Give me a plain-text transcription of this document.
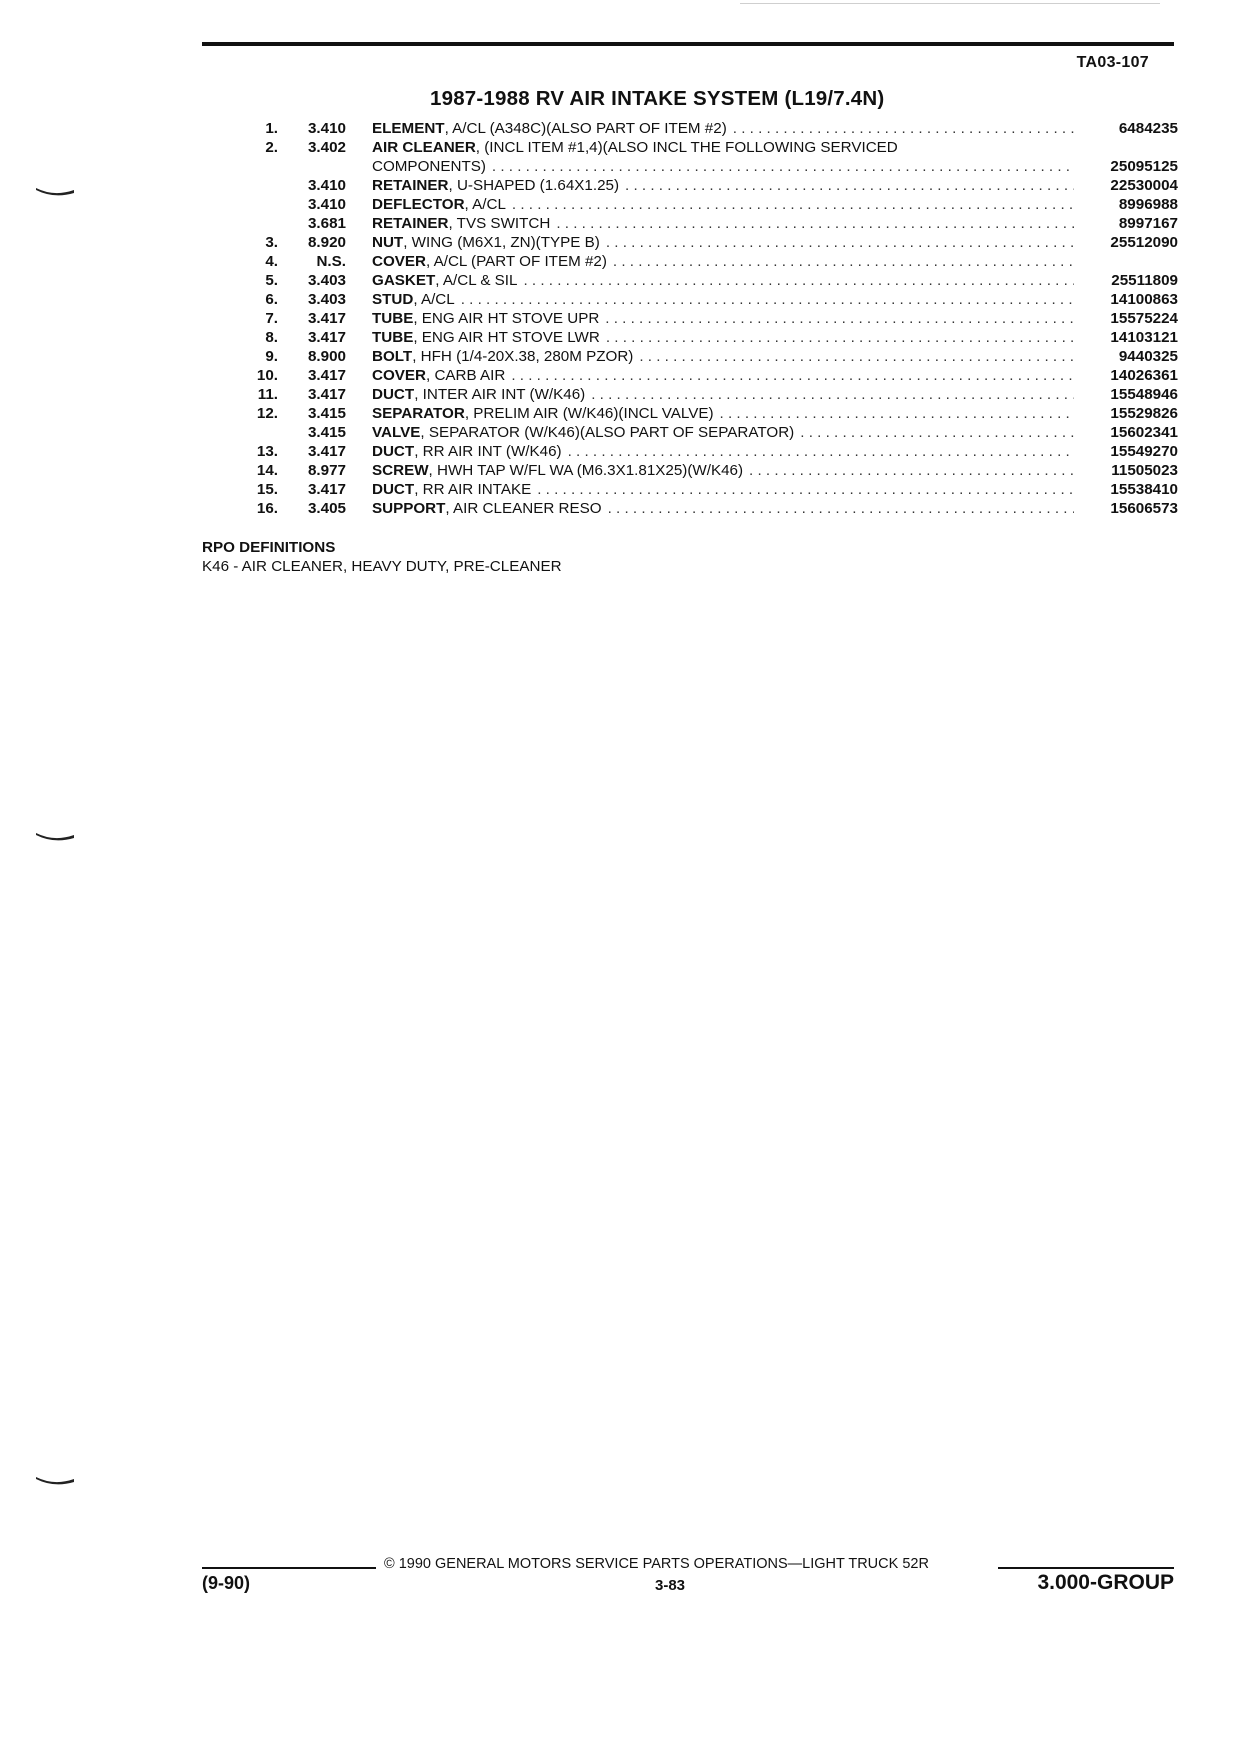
TA03-107
1987-1988 RV AIR INTAKE SYSTEM (L19/7.4N)
1.	3.410 ELEMENT , A/CL (A348C)(ALSO PART OF ITEM #2) . . .	6484235
2.	3.402 AIR CLEANER , (INCL ITEM #1,4)(ALSO INCL THE FOLLOWING SERVICED
COMPONENTS) . . .	25095125
3.410 RETAINER , U-SHAPED (1.64X1.25) . . .	22530004
3.410 DEFLECTOR , A/CL . . .	8996988
3.681 RETAINER , TVS SWITCH . . .	8997167
3.	8.920 NUT , WING (M6X1, ZN)(TYPE B) . . .	25512090
4.	N.S. COVER , A/CL (PART OF ITEM #2)
. . .
5.	3.403 GASKET , A/CL & SIL . . .	25511809
6.	3.403 STUD , A/CL . . .	14100863
7.	3.417 TUBE , ENG AIR HT STOVE UPR . . .	15575224
8.	3.417 TUBE , ENG AIR HT STOVE LWR . . .	14103121
9.	8.900 BOLT , HFH (1/4-20X.38, 280M PZOR) . . .	9440325
10.	3.417 COVER , CARB AIR . . .	14026361
11.	3.417 DUCT , INTER AIR INT (W/K46) . . .	15548946
12.	3.415 SEPARATOR , PRELIM AIR (W/K46)(INCL VALVE) . . .	15529826
3.415 VALVE , SEPARATOR (W/K46)(ALSO PART OF SEPARATOR) . . .	15602341
13.	3.417 DUCT , RR AIR INT (W/K46) . . .	15549270
14.	8.977 SCREW , HWH TAP W/FL WA (M6.3X1.81X25)(W/K46) . . .	11505023
15.	3.417 DUCT , RR AIR INTAKE . . .	15538410
16.	3.405 SUPPORT , AIR CLEANER RESO . . .	15606573
RPO DEFINITIONS
K46 - AIR CLEANER, HEAVY DUTY, PRE-CLEANER
© 1990 GENERAL MOTORS SERVICE PARTS OPERATIONS—LIGHT TRUCK 52R
(9-90)	3-83	3.000-GROUP
